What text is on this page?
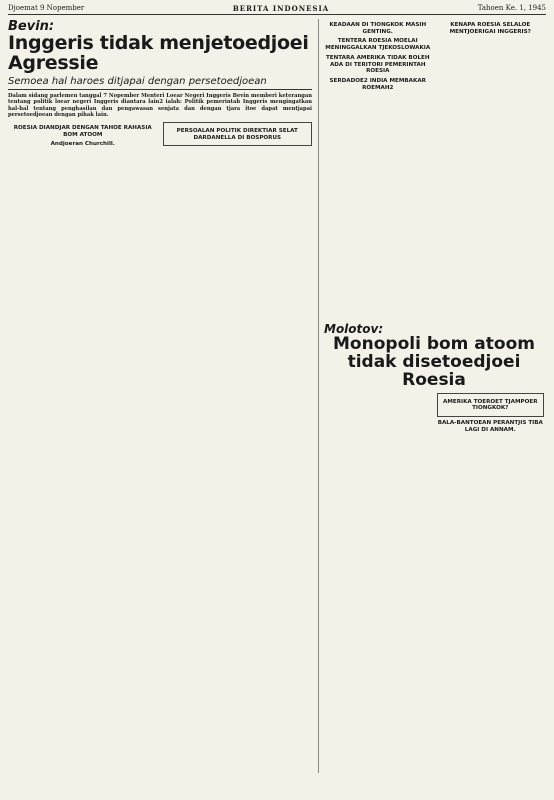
Djoemat 9 Nopember	BERITA INDONESIA	Tahoen Ke. 1, 1945
Bevin:
Inggeris tidak menjetoedjoei Agressie
Semoea hal haroes ditjapai dengan persetoedjoean
Dalam sidang parlemen tanggal 7 Nopember Menteri Loear Negeri Inggeris Bevin memberi keterangan tentang politik loear negeri Inggeris diantara lain2 ialah: Politik pemerintah Inggeris mengingatkan hal-hal tentang penghasilan dan pengawasan senjata dan dengan tjara itoe dapat mentjapai persetoedjoean dengan pihak lain.
ROESIA DIANDJAR DENGAN TAHOE RAHASIA BOM ATOOM
Andjoeran Churchill.
PERSOALAN POLITIK DIREKTIAR SELAT DARDANELLA DI BOSPORUS
KEADAAN DI TIONGKOK MASIH GENTING.
TENTERA ROESIA MOELAI MENINGGALKAN TJEKOSLOWAKIA
TENTARA AMERIKA TIDAK BOLEH ADA DI TERITORI PEMERINTAH ROESIA
SERDADOE2 INDIA MEMBAKAR ROEMAH2
KENAPA ROESIA SELALOE MENTJOERIGAI INGGERIS?
Molotov:
Monopoli bom atoom tidak disetoedjoei Roesia
AMERIKA TOEROET TJAMPOER TIONGKOK?
BALA-BANTOEAN PERANTJIS TIBA LAGI DI ANNAM.
